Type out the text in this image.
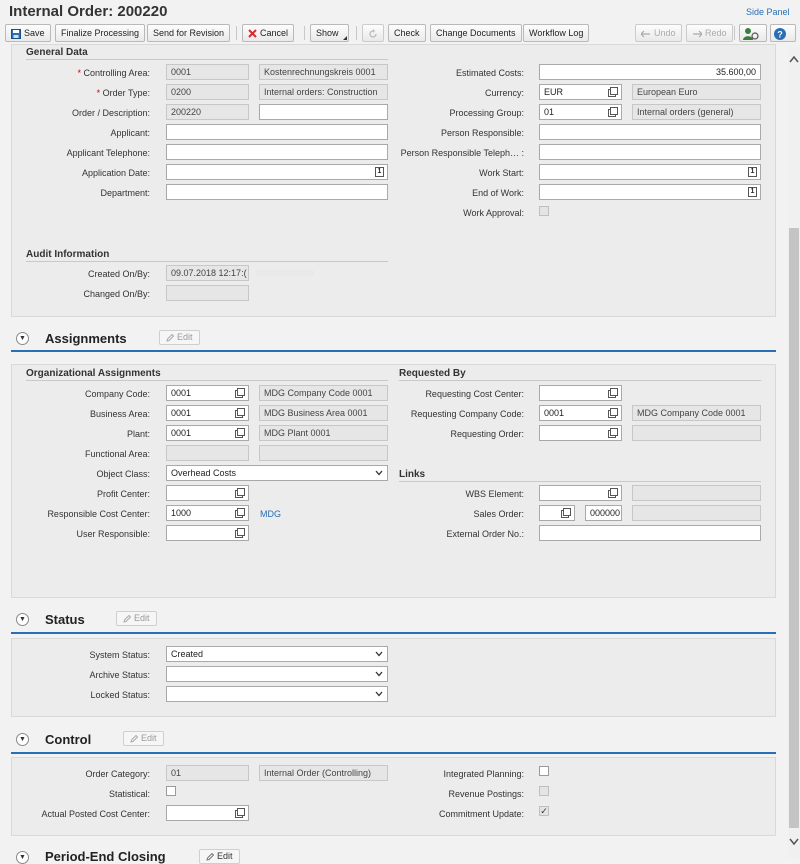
Internal Order: 200220	Side Panel
Save	Finalize Processing	Send for Revision	Cancel	Show	Check	Change Documents	Workflow Log	Undo	Redo	?
General Data
* Controlling Area:	0001	Kostenrechnungskreis 0001
* Order Type:	0200	Internal orders: Construction
Order / Description:	200220
Applicant:
Applicant Telephone:
Application Date:	1
Department:
Estimated Costs:	35.600,00
Currency:	EUR	European Euro
Processing Group:	01	Internal orders (general)
Person Responsible:
Person Responsible Teleph… :
Work Start:	1
End of Work:	1
Work Approval:
Audit Information
Created On/By:	09.07.2018 12:17:(
Changed On/By:
▼ Assignments	Edit
Organizational Assignments
Company Code:	0001	MDG Company Code 0001
Business Area:	0001	MDG Business Area 0001
Plant:	0001	MDG Plant 0001
Functional Area:
Object Class:	Overhead Costs
Profit Center:
Responsible Cost Center:	1000	MDG
User Responsible:
Requested By
Requesting Cost Center:
Requesting Company Code:	0001	MDG Company Code 0001
Requesting Order:
Links
WBS Element:
Sales Order:	000000
External Order No.:
▼ Status	Edit
System Status:	Created
Archive Status:
Locked Status:
▼ Control	Edit
Order Category:	01	Internal Order (Controlling)
Statistical:
Actual Posted Cost Center:
Integrated Planning:
Revenue Postings:
Commitment Update: ✓
▼ Period-End Closing	Edit
